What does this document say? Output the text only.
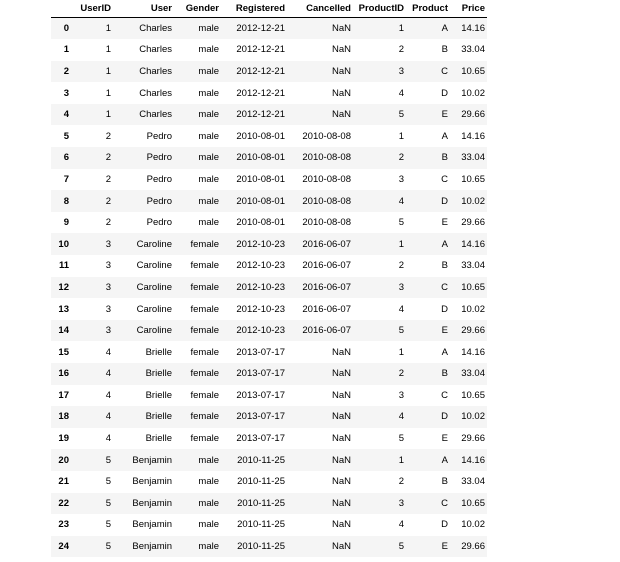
	UserID	User	Gender	Registered	Cancelled	ProductID	Product	Price
0	1	Charles	male	2012-12-21	NaN	1	A	14.16
1	1	Charles	male	2012-12-21	NaN	2	B	33.04
2	1	Charles	male	2012-12-21	NaN	3	C	10.65
3	1	Charles	male	2012-12-21	NaN	4	D	10.02
4	1	Charles	male	2012-12-21	NaN	5	E	29.66
5	2	Pedro	male	2010-08-01	2010-08-08	1	A	14.16
6	2	Pedro	male	2010-08-01	2010-08-08	2	B	33.04
7	2	Pedro	male	2010-08-01	2010-08-08	3	C	10.65
8	2	Pedro	male	2010-08-01	2010-08-08	4	D	10.02
9	2	Pedro	male	2010-08-01	2010-08-08	5	E	29.66
10	3	Caroline	female	2012-10-23	2016-06-07	1	A	14.16
11	3	Caroline	female	2012-10-23	2016-06-07	2	B	33.04
12	3	Caroline	female	2012-10-23	2016-06-07	3	C	10.65
13	3	Caroline	female	2012-10-23	2016-06-07	4	D	10.02
14	3	Caroline	female	2012-10-23	2016-06-07	5	E	29.66
15	4	Brielle	female	2013-07-17	NaN	1	A	14.16
16	4	Brielle	female	2013-07-17	NaN	2	B	33.04
17	4	Brielle	female	2013-07-17	NaN	3	C	10.65
18	4	Brielle	female	2013-07-17	NaN	4	D	10.02
19	4	Brielle	female	2013-07-17	NaN	5	E	29.66
20	5	Benjamin	male	2010-11-25	NaN	1	A	14.16
21	5	Benjamin	male	2010-11-25	NaN	2	B	33.04
22	5	Benjamin	male	2010-11-25	NaN	3	C	10.65
23	5	Benjamin	male	2010-11-25	NaN	4	D	10.02
24	5	Benjamin	male	2010-11-25	NaN	5	E	29.66
